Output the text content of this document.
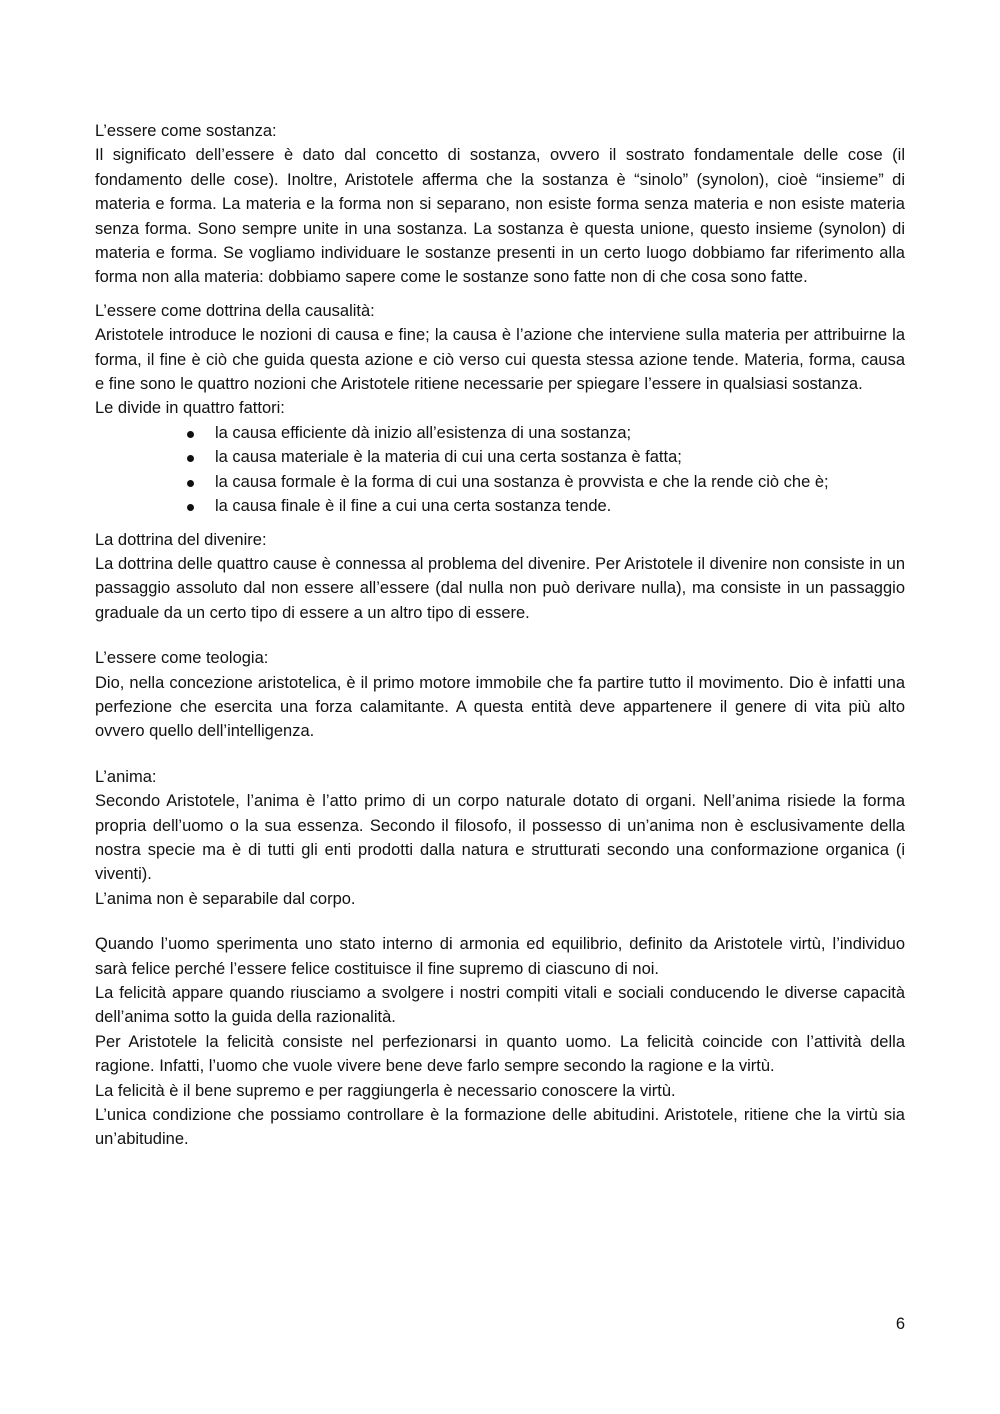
L’essere come sostanza:
Il significato dell’essere è dato dal concetto di sostanza, ovvero il sostrato fondamentale delle cose (il fondamento delle cose). Inoltre, Aristotele afferma che la sostanza è “sinolo” (synolon), cioè “insieme” di materia e forma. La materia e la forma non si separano, non esiste forma senza materia e non esiste materia senza forma. Sono sempre unite in una sostanza. La sostanza è questa unione, questo insieme (synolon) di materia e forma. Se vogliamo individuare le sostanze presenti in un certo luogo dobbiamo far riferimento alla forma non alla materia: dobbiamo sapere come le sostanze sono fatte non di che cosa sono fatte.
L’essere come dottrina della causalità:
Aristotele introduce le nozioni di causa e fine; la causa è l’azione che interviene sulla materia per attribuirne la forma, il fine è ciò che guida questa azione e ciò verso cui questa stessa azione tende. Materia, forma, causa e fine sono le quattro nozioni che Aristotele ritiene necessarie per spiegare l’essere in qualsiasi sostanza.
Le divide in quattro fattori:
la causa efficiente dà inizio all’esistenza di una sostanza;
la causa materiale è la materia di cui una certa sostanza è fatta;
la causa formale è la forma di cui una sostanza è provvista e che la rende ciò che è;
la causa finale è il fine a cui una certa sostanza tende.
La dottrina del divenire:
La dottrina delle quattro cause è connessa al problema del divenire. Per Aristotele il divenire non consiste in un passaggio assoluto dal non essere all’essere (dal nulla non può derivare nulla), ma consiste in un passaggio graduale da un certo tipo di essere a un altro tipo di essere.
L’essere come teologia:
Dio, nella concezione aristotelica, è il primo motore immobile che fa partire tutto il movimento. Dio è infatti una perfezione che esercita una forza calamitante. A questa entità deve appartenere il genere di vita più alto ovvero quello dell’intelligenza.
L’anima:
Secondo Aristotele, l’anima è l’atto primo di un corpo naturale dotato di organi. Nell’anima risiede la forma propria dell’uomo o la sua essenza. Secondo il filosofo, il possesso di un’anima non è esclusivamente della nostra specie ma è di tutti gli enti prodotti dalla natura e strutturati secondo una conformazione organica (i viventi).
L’anima non è separabile dal corpo.
Quando l’uomo sperimenta uno stato interno di armonia ed equilibrio, definito da Aristotele virtù, l’individuo sarà felice perché l’essere felice costituisce il fine supremo di ciascuno di noi.
La felicità appare quando riusciamo a svolgere i nostri compiti vitali e sociali conducendo le diverse capacità dell’anima sotto la guida della razionalità.
Per Aristotele la felicità consiste nel perfezionarsi in quanto uomo. La felicità coincide con l’attività della ragione. Infatti, l’uomo che vuole vivere bene deve farlo sempre secondo la ragione e la virtù.
La felicità è il bene supremo e per raggiungerla è necessario conoscere la virtù.
L’unica condizione che possiamo controllare è la formazione delle abitudini. Aristotele, ritiene che la virtù sia un’abitudine.
6
